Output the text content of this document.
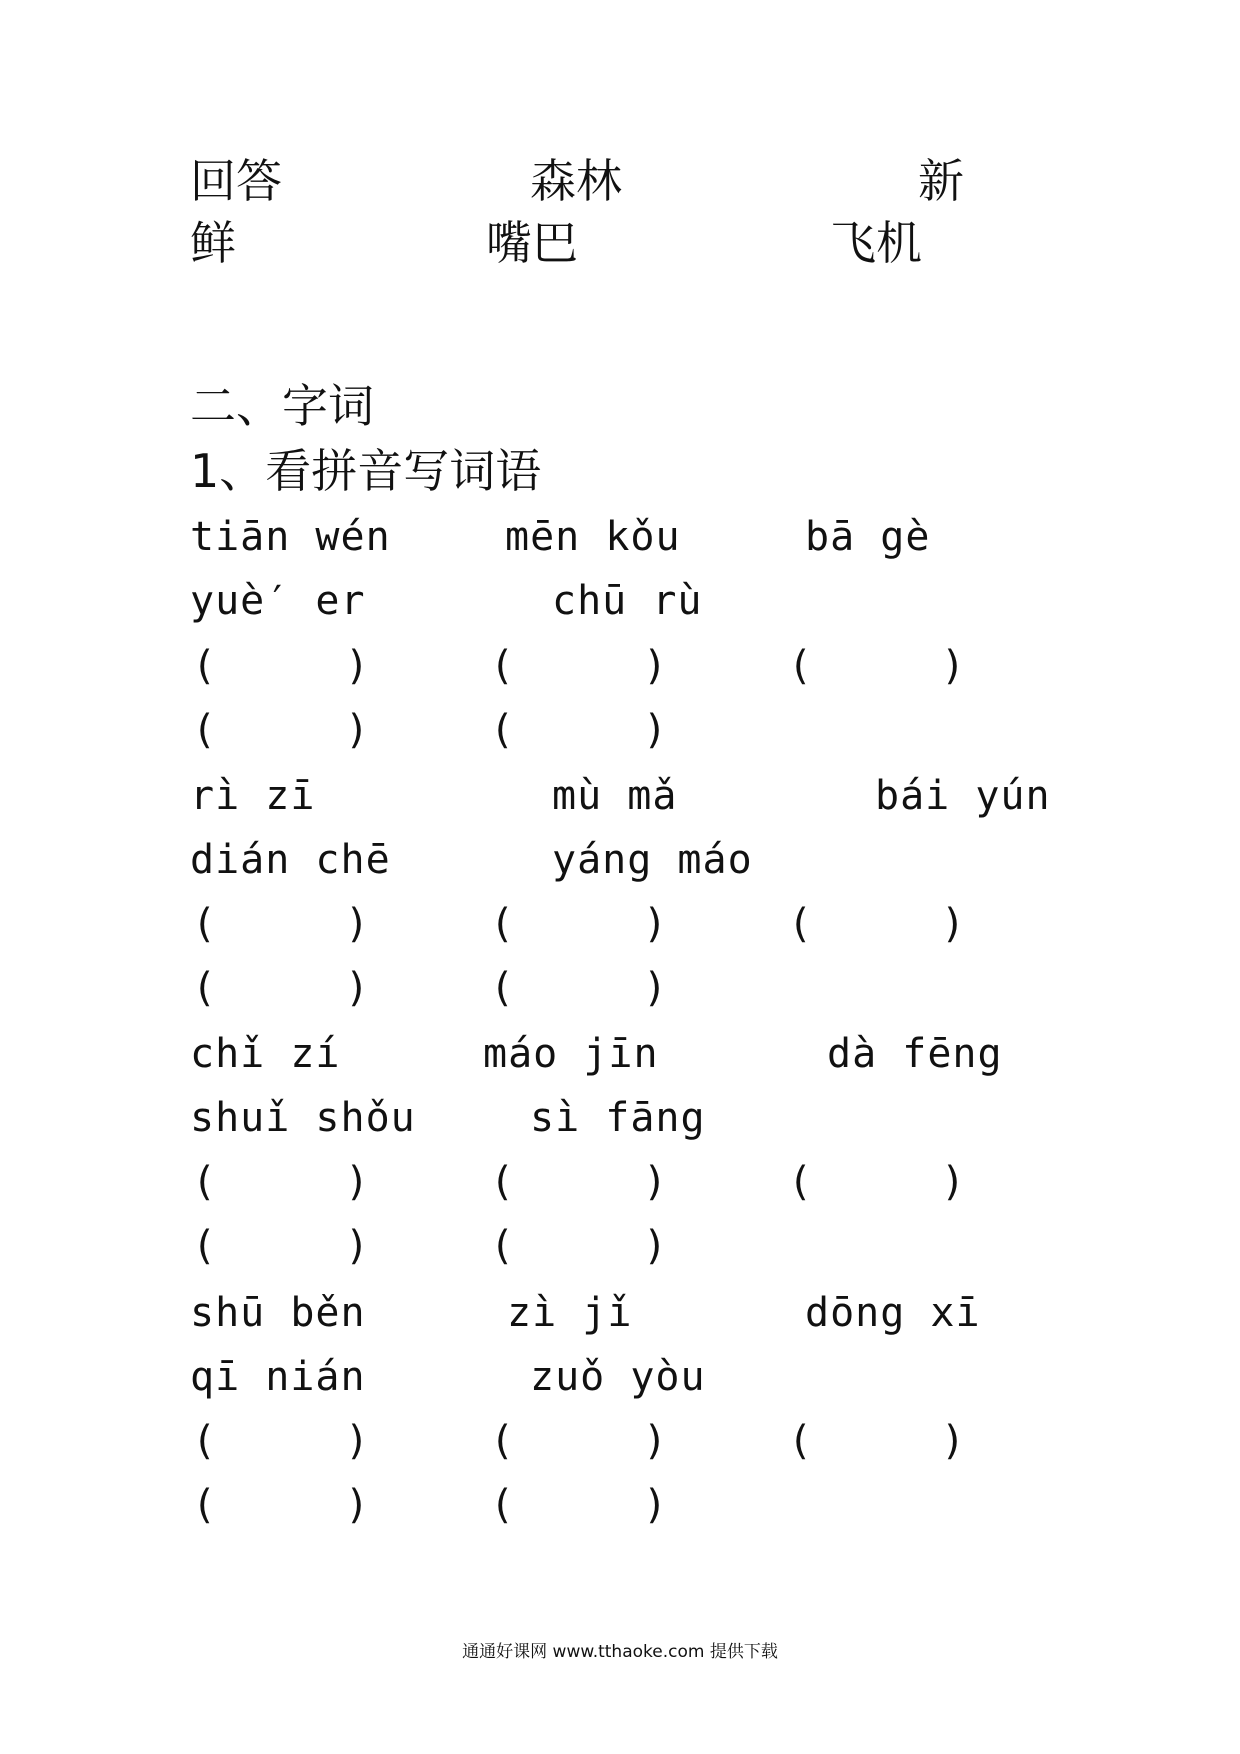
回答	森林	新
鲜	嘴巴	飞机
二、字词
1、看拼音写词语
tiān wén	mēn kǒu	bā gè
yuè′ er	chū rù
(	)	(	)	(	)
(	)	(	)
rì zī	mù mǎ	bái yún
dián chē	yáng máo
(	)	(	)	(	)
(	)	(	)
chǐ zí	máo jīn	dà fēng
shuǐ shǒu	sì fāng
(	)	(	)	(	)
(	)	(	)
shū běn	zì jǐ	dōng xī
qī nián	zuǒ yòu
(	)	(	)	(	)
(	)	(	)
通通好课网 www.tthaoke.com 提供下载
